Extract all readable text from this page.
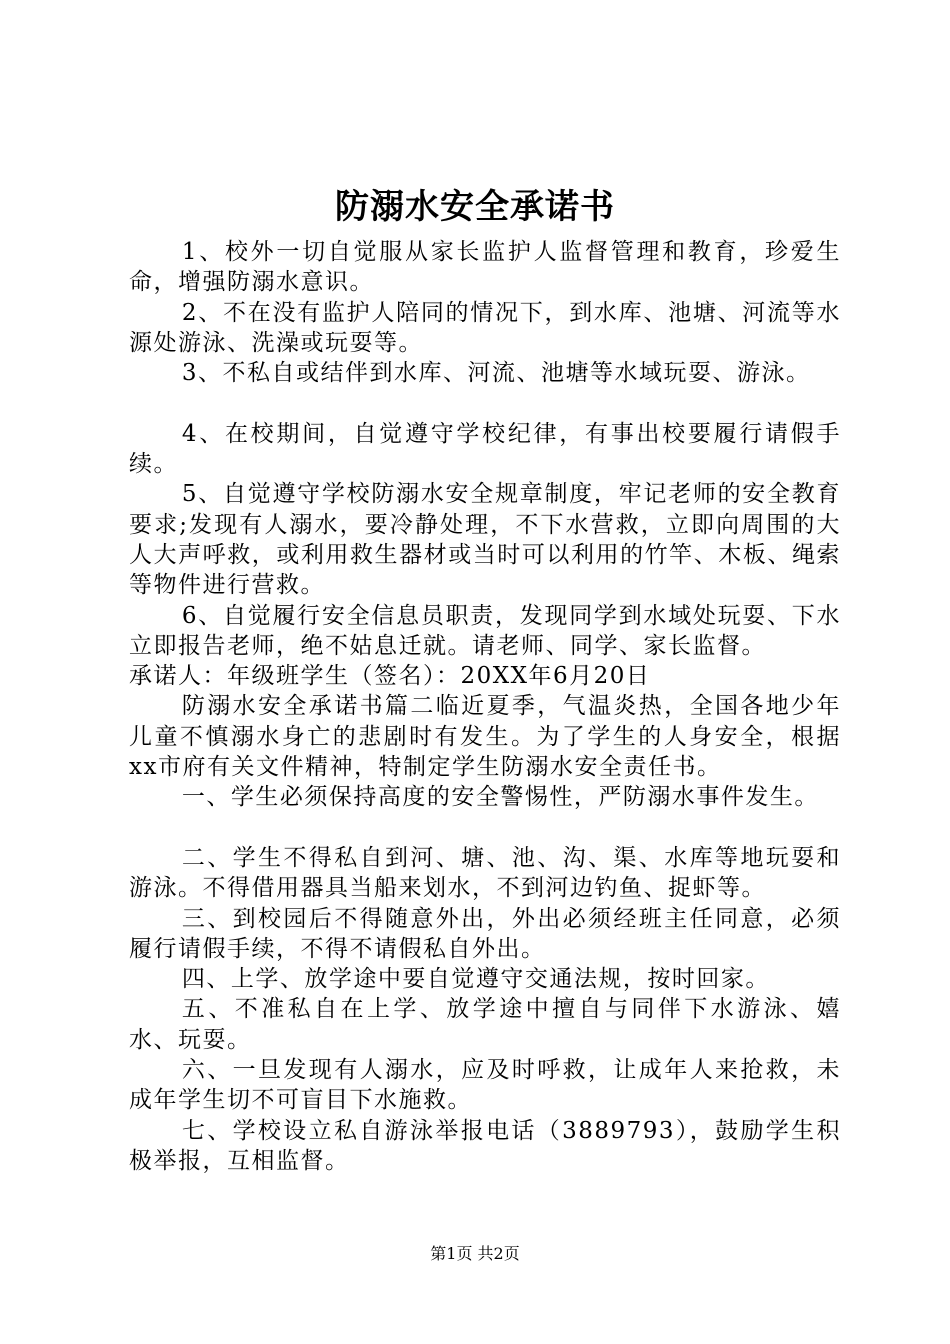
防溺水安全承诺书

1、校外一切自觉服从家长监护人监督管理和教育，珍爱生命，增强防溺水意识。

2、不在没有监护人陪同的情况下，到水库、池塘、河流等水源处游泳、洗澡或玩耍等。

3、不私自或结伴到水库、河流、池塘等水域玩耍、游泳。

4、在校期间，自觉遵守学校纪律，有事出校要履行请假手续。

5、自觉遵守学校防溺水安全规章制度，牢记老师的安全教育要求;发现有人溺水，要冷静处理，不下水营救，立即向周围的大人大声呼救，或利用救生器材或当时可以利用的竹竿、木板、绳索等物件进行营救。

6、自觉履行安全信息员职责，发现同学到水域处玩耍、下水立即报告老师，绝不姑息迁就。请老师、同学、家长监督。

承诺人：年级班学生（签名）：20XX年6月20日

防溺水安全承诺书篇二临近夏季，气温炎热，全国各地少年儿童不慎溺水身亡的悲剧时有发生。为了学生的人身安全，根据xx市府有关文件精神，特制定学生防溺水安全责任书。

一、学生必须保持高度的安全警惕性，严防溺水事件发生。

二、学生不得私自到河、塘、池、沟、渠、水库等地玩耍和游泳。不得借用器具当船来划水，不到河边钓鱼、捉虾等。

三、到校园后不得随意外出，外出必须经班主任同意，必须履行请假手续，不得不请假私自外出。

四、上学、放学途中要自觉遵守交通法规，按时回家。

五、不准私自在上学、放学途中擅自与同伴下水游泳、嬉水、玩耍。

六、一旦发现有人溺水，应及时呼救，让成年人来抢救，未成年学生切不可盲目下水施救。

七、学校设立私自游泳举报电话（3889793），鼓励学生积极举报，互相监督。

第1页 共2页
